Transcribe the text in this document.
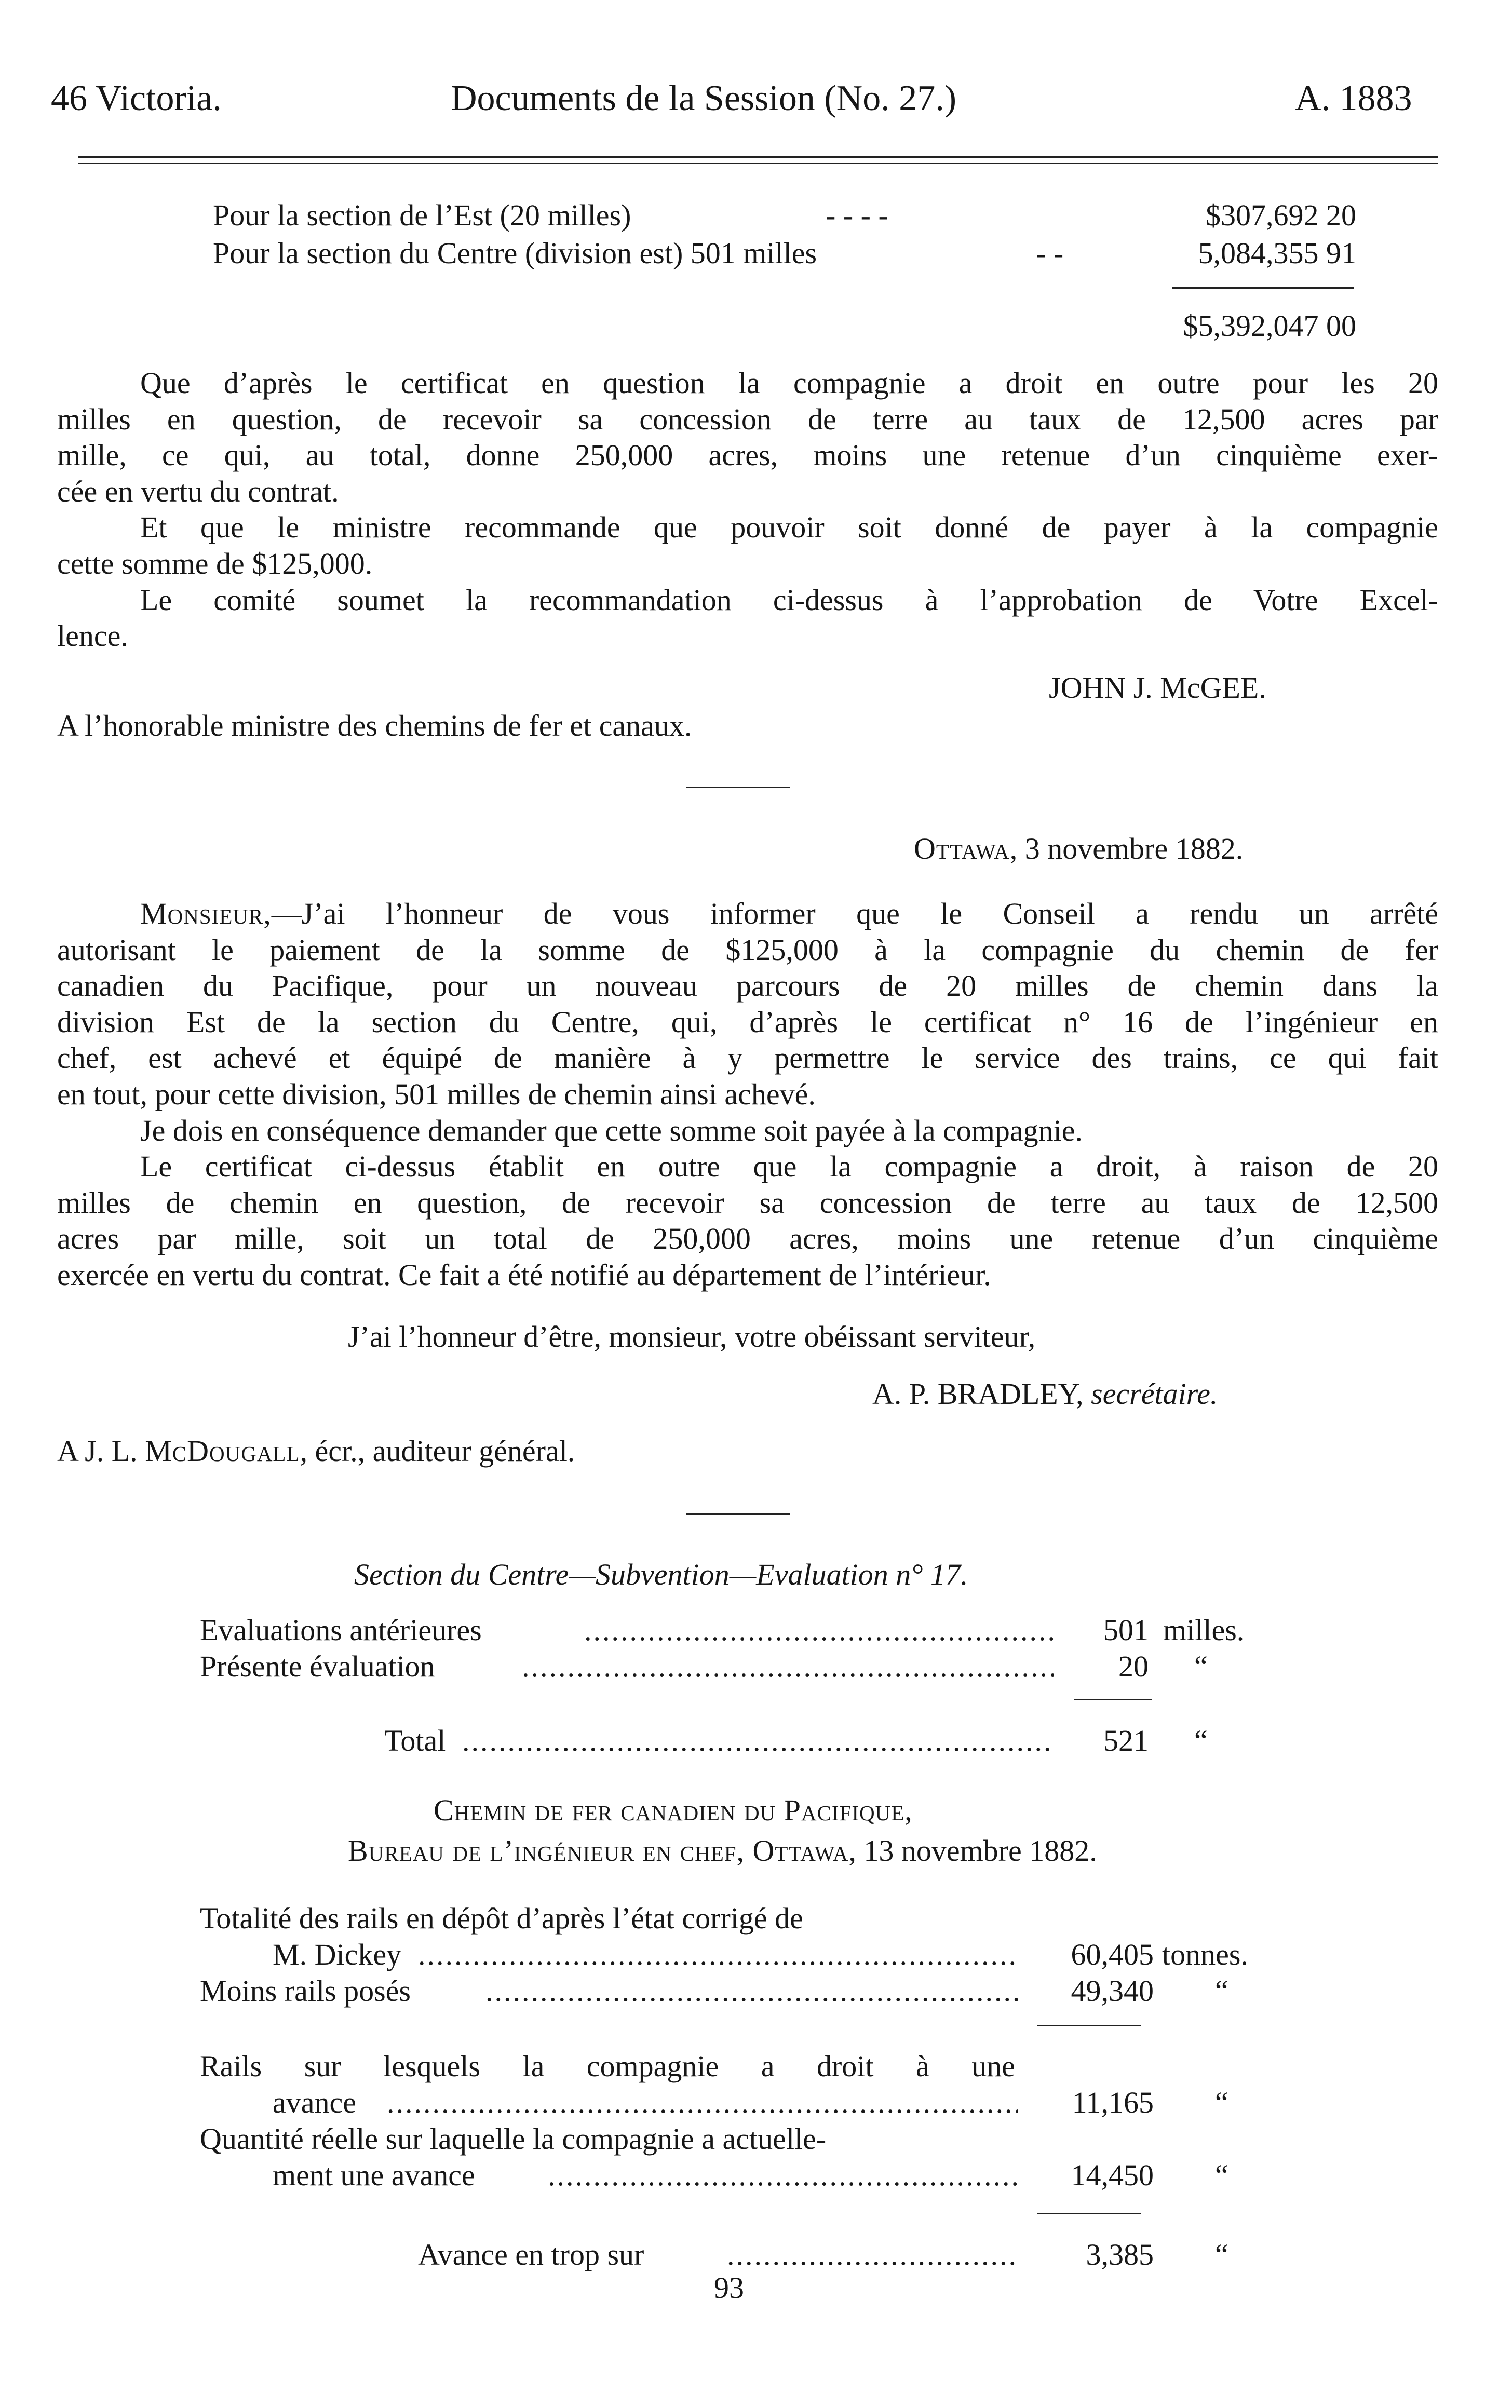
46 Victoria.	Documents de la Session (No. 27.)	A. 1883
Pour la section de l’Est (20 milles)	- - - -	$307,692 20
Pour la section du Centre (division est) 501 milles	- -	5,084,355 91
$5,392,047 00
Que d’après le certificat en question la compagnie a droit en outre pour les 20
milles en question, de recevoir sa concession de terre au taux de 12,500 acres par
mille, ce qui, au total, donne 250,000 acres, moins une retenue d’un cinquième exer-
cée en vertu du contrat.
Et que le ministre recommande que pouvoir soit donné de payer à la compagnie
cette somme de $125,000.
Le comité soumet la recommandation ci-dessus à l’approbation de Votre Excel-
lence.
JOHN J. McGEE.
A l’honorable ministre des chemins de fer et canaux.
Ottawa, 3 novembre 1882.
Monsieur,—J’ai l’honneur de vous informer que le Conseil a rendu un arrêté
autorisant le paiement de la somme de $125,000 à la compagnie du chemin de fer
canadien du Pacifique, pour un nouveau parcours de 20 milles de chemin dans la
division Est de la section du Centre, qui, d’après le certificat n° 16 de l’ingénieur en
chef, est achevé et équipé de manière à y permettre le service des trains, ce qui fait
en tout, pour cette division, 501 milles de chemin ainsi achevé.
Je dois en conséquence demander que cette somme soit payée à la compagnie.
Le certificat ci-dessus établit en outre que la compagnie a droit, à raison de 20
milles de chemin en question, de recevoir sa concession de terre au taux de 12,500
acres par mille, soit un total de 250,000 acres, moins une retenue d’un cinquième
exercée en vertu du contrat. Ce fait a été notifié au département de l’intérieur.
J’ai l’honneur d’être, monsieur, votre obéissant serviteur,
A. P. BRADLEY, secrétaire.
A J. L. McDougall, écr., auditeur général.
Section du Centre—Subvention—Evaluation n° 17.
Evaluations antérieures .....	501 milles.
Présente évaluation .....	20 “
Total .....	521 “
Chemin de fer canadien du Pacifique,
Bureau de l’ingénieur en chef, Ottawa, 13 novembre 1882.
Totalité des rails en dépôt d’après l’état corrigé de
M. Dickey .....	60,405 tonnes.
Moins rails posés .....	49,340 “
Rails sur lesquels la compagnie a droit à une
avance .....	11,165 “
Quantité réelle sur laquelle la compagnie a actuelle-
ment une avance .....	14,450 “
Avance en trop sur .....	3,385 “
93
